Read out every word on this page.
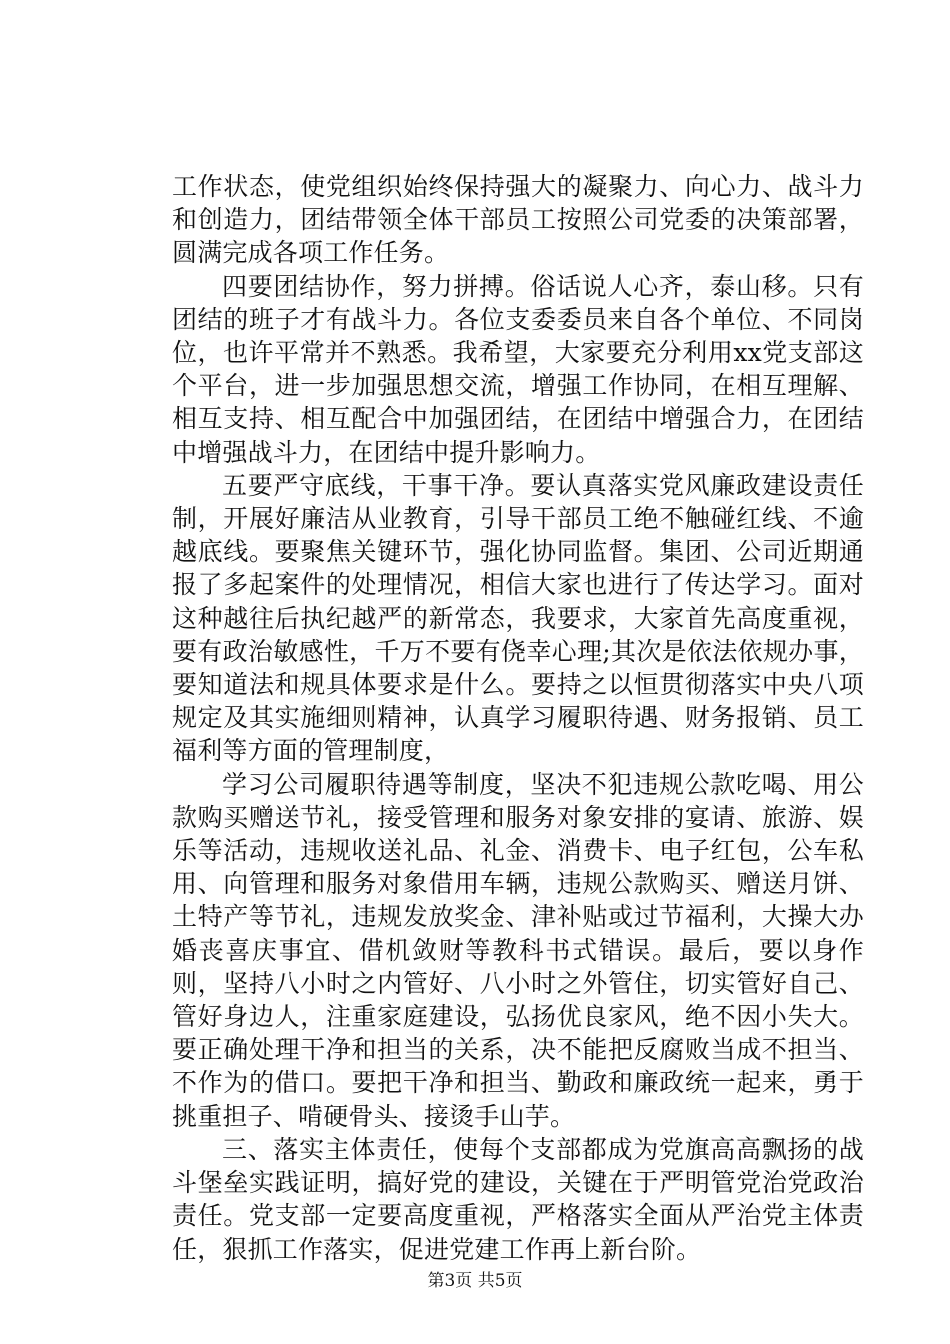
工作状态，使党组织始终保持强大的凝聚力、向心力、战斗力和创造力，团结带领全体干部员工按照公司党委的决策部署，圆满完成各项工作任务。

四要团结协作，努力拼搏。俗话说人心齐，泰山移。只有团结的班子才有战斗力。各位支委委员来自各个单位、不同岗位，也许平常并不熟悉。我希望，大家要充分利用xx党支部这个平台，进一步加强思想交流，增强工作协同，在相互理解、相互支持、相互配合中加强团结，在团结中增强合力，在团结中增强战斗力，在团结中提升影响力。

五要严守底线，干事干净。要认真落实党风廉政建设责任制，开展好廉洁从业教育，引导干部员工绝不触碰红线、不逾越底线。要聚焦关键环节，强化协同监督。集团、公司近期通报了多起案件的处理情况，相信大家也进行了传达学习。面对这种越往后执纪越严的新常态，我要求，大家首先高度重视，要有政治敏感性，千万不要有侥幸心理;其次是依法依规办事，要知道法和规具体要求是什么。要持之以恒贯彻落实中央八项规定及其实施细则精神，认真学习履职待遇、财务报销、员工福利等方面的管理制度，

学习公司履职待遇等制度，坚决不犯违规公款吃喝、用公款购买赠送节礼，接受管理和服务对象安排的宴请、旅游、娱乐等活动，违规收送礼品、礼金、消费卡、电子红包，公车私用、向管理和服务对象借用车辆，违规公款购买、赠送月饼、土特产等节礼，违规发放奖金、津补贴或过节福利，大操大办婚丧喜庆事宜、借机敛财等教科书式错误。最后，要以身作则，坚持八小时之内管好、八小时之外管住，切实管好自己、管好身边人，注重家庭建设，弘扬优良家风，绝不因小失大。要正确处理干净和担当的关系，决不能把反腐败当成不担当、不作为的借口。要把干净和担当、勤政和廉政统一起来，勇于挑重担子、啃硬骨头、接烫手山芋。

三、落实主体责任，使每个支部都成为党旗高高飘扬的战斗堡垒实践证明，搞好党的建设，关键在于严明管党治党政治责任。党支部一定要高度重视，严格落实全面从严治党主体责任，狠抓工作落实，促进党建工作再上新台阶。

第3页 共5页
